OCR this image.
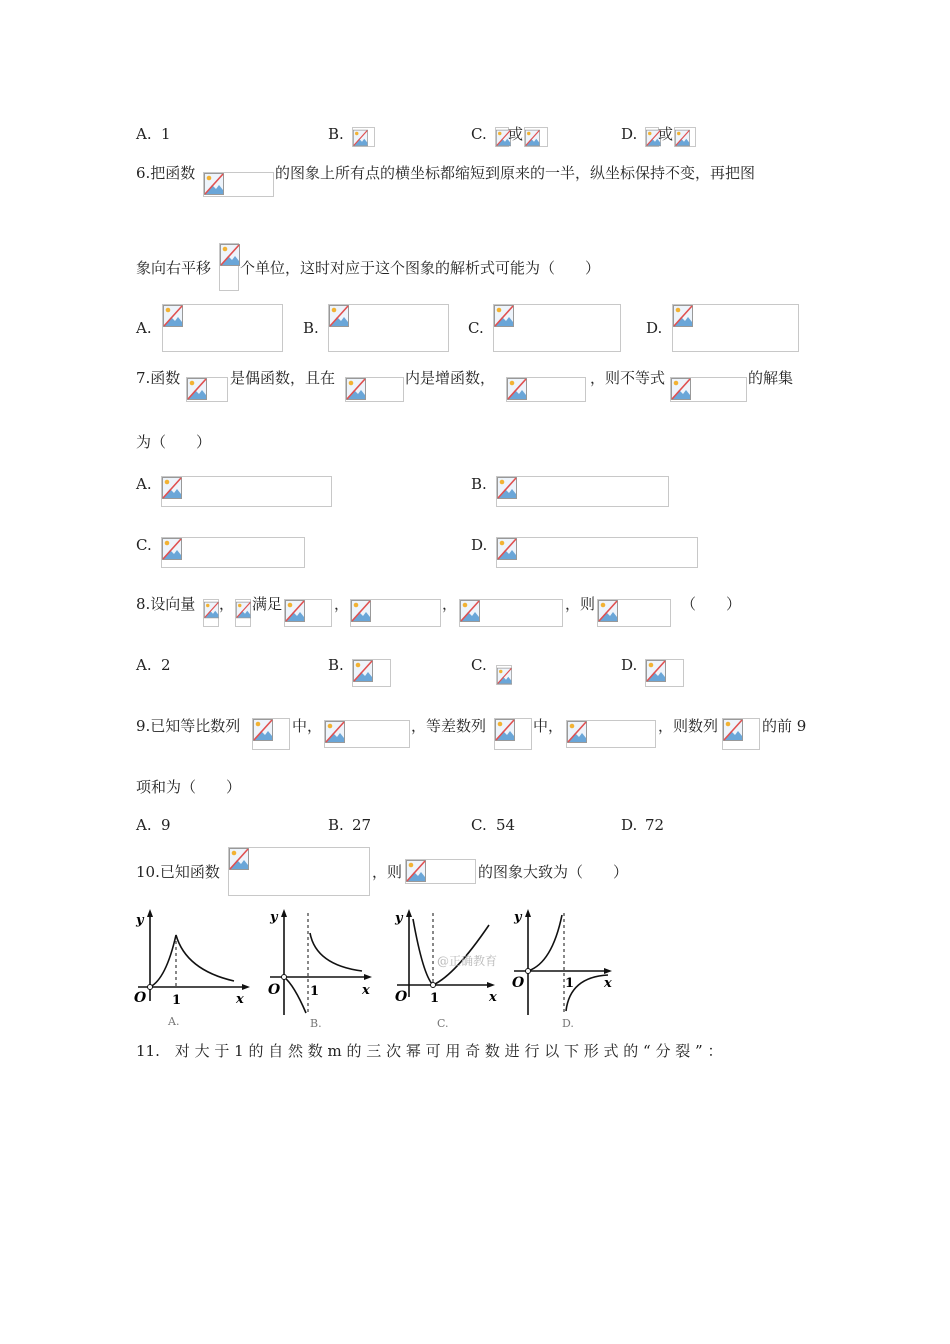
A. 1	B.	C. 或	D. 或
6.把函数	的图象上所有点的横坐标都缩短到原来的一半，纵坐标保持不变，再把图
象向右平移 个单位，这时对应于这个图象的解析式可能为（　　）
A.	B.	C.	D.
7.函数	是偶函数，且在	内是增函数，	，则不等式	的解集
为（　　）
A.	B.
C.	D.
8.设向量 ， 满足	，	，	，则	（　　）
A. 2	B.	C.	D.
9.已知等比数列	中，	，等差数列	中，	，则数列	的前 9
项和为（　　）
A. 9	B. 27	C. 54	D. 72
10.已知函数	，则	的图象大致为（　　）
y
x
O 1
A.
y
x
O 1
B.
y
x
O 1
@正确教育
C.
y
x
O	1
D.
11.　对 大 于 1 的 自 然 数 m 的 三 次 幂 可 用 奇 数 进 行 以 下 形 式 的 “ 分 裂 ” ：
